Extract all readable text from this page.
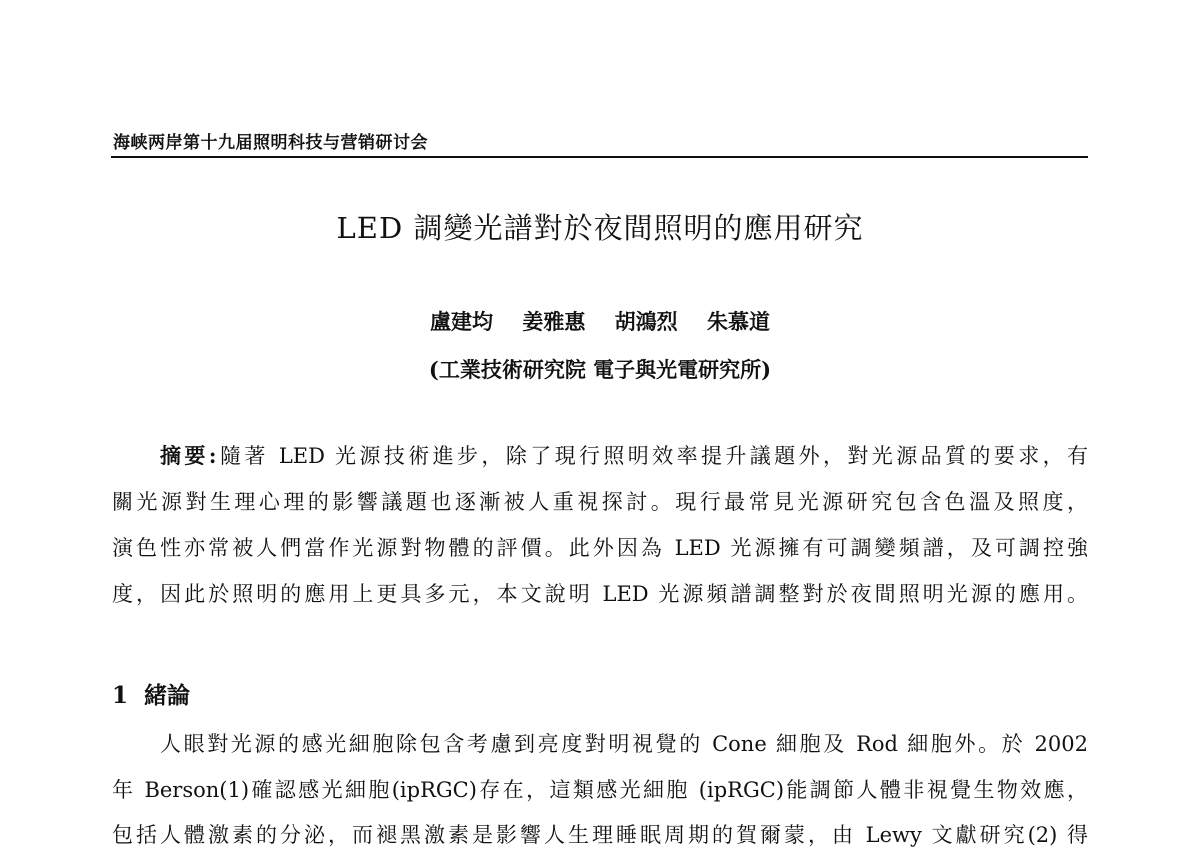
海峡两岸第十九届照明科技与营销研讨会
LED 調變光譜對於夜間照明的應用研究
盧建均 姜雅惠 胡鴻烈 朱慕道
(工業技術研究院 電子與光電研究所)
摘要:隨著 LED 光源技術進步，除了現行照明效率提升議題外，對光源品質的要求，有
關光源對生理心理的影響議題也逐漸被人重視探討。現行最常見光源研究包含色溫及照度，
演色性亦常被人們當作光源對物體的評價。此外因為 LED 光源擁有可調變頻譜，及可調控強
度，因此於照明的應用上更具多元，本文說明 LED 光源頻譜調整對於夜間照明光源的應用。
1 緒論
人眼對光源的感光細胞除包含考慮到亮度對明視覺的 Cone 細胞及 Rod 細胞外。於 2002
年 Berson(1)確認感光細胞(ipRGC)存在，這類感光細胞 (ipRGC)能調節人體非視覺生物效應，
包括人體激素的分泌，而褪黑激素是影響人生理睡眠周期的賀爾蒙，由 Lewy 文獻研究(2) 得
